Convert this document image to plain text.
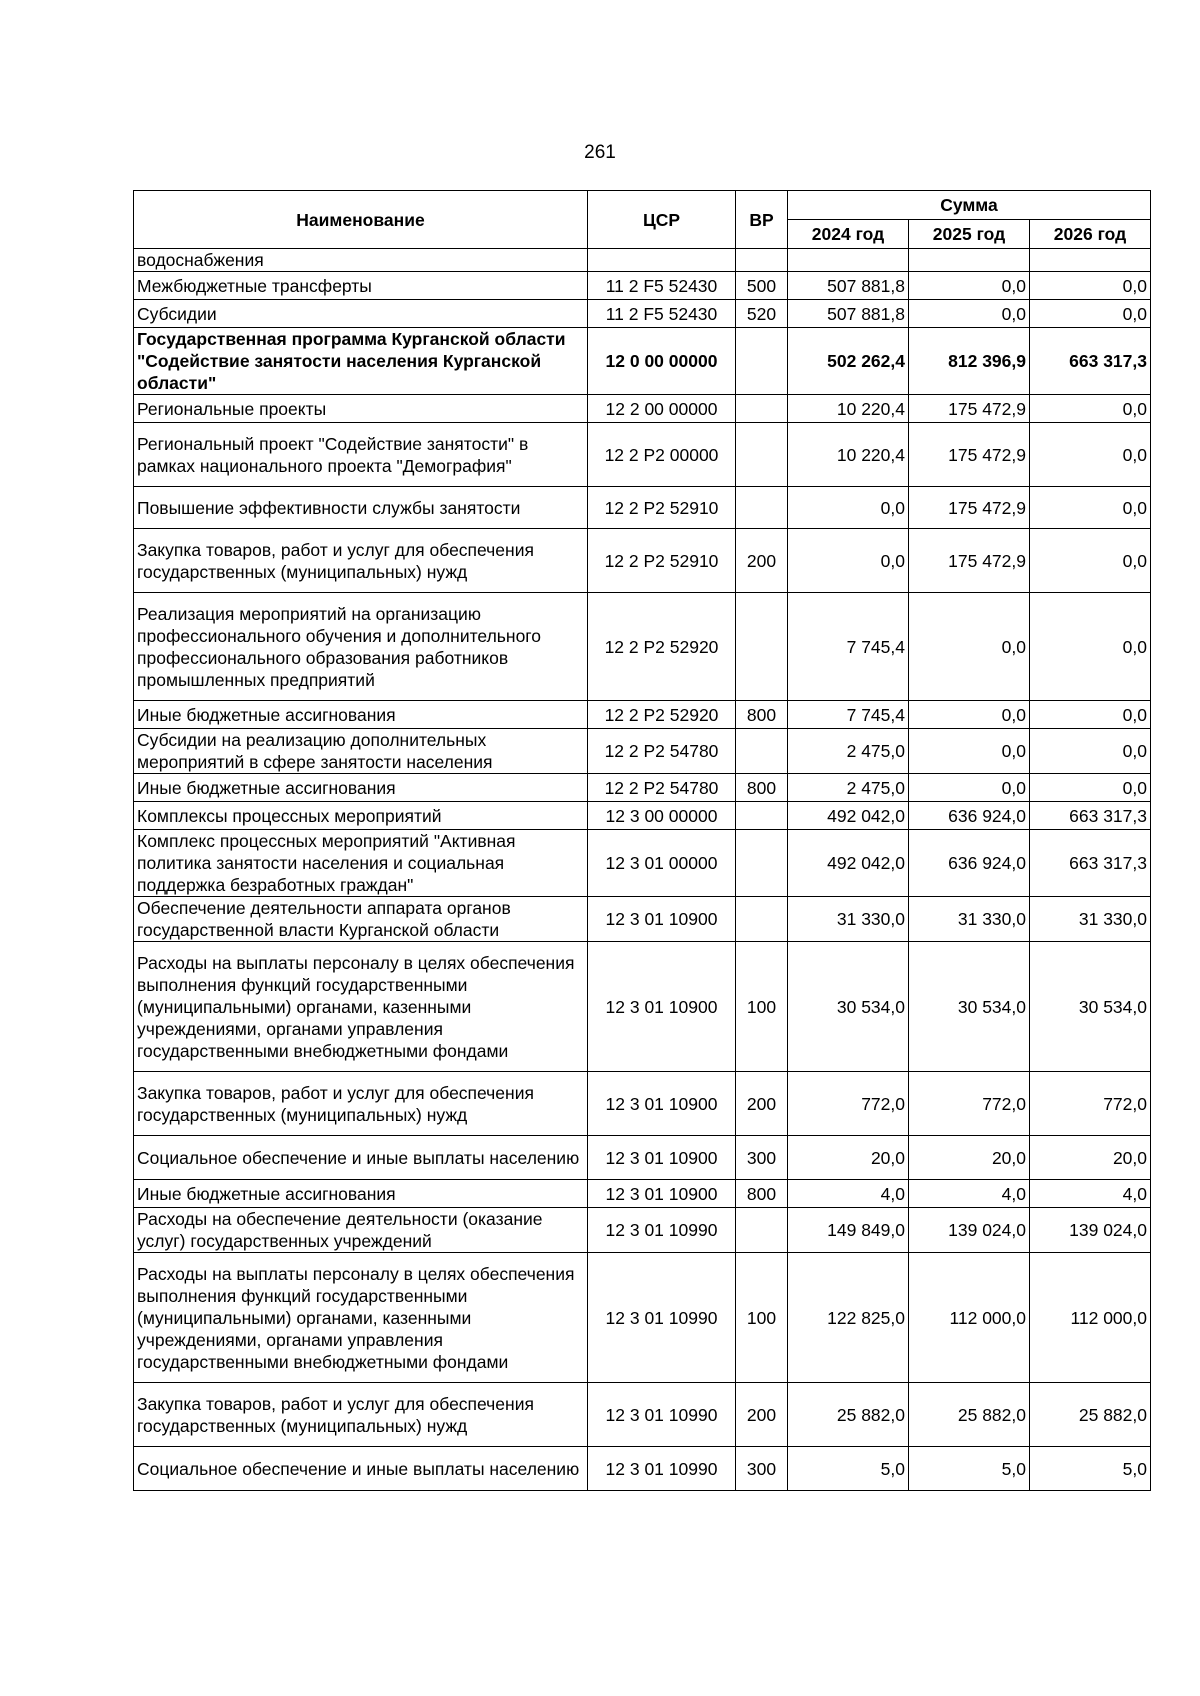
261
Наименование	ЦСР	ВР	Сумма		
			2024 год	2025 год	2026 год
водоснабжения					
Межбюджетные трансферты	11 2 F5 52430	500	507 881,8	0,0	0,0
Субсидии	11 2 F5 52430	520	507 881,8	0,0	0,0
Государственная программа Курганской области "Содействие занятости населения Курганской области"	12 0 00 00000		502 262,4	812 396,9	663 317,3
Региональные проекты	12 2 00 00000		10 220,4	175 472,9	0,0
Региональный проект "Содействие занятости" в рамках национального проекта "Демография"	12 2 P2 00000		10 220,4	175 472,9	0,0
Повышение эффективности службы занятости	12 2 P2 52910		0,0	175 472,9	0,0
Закупка товаров, работ и услуг для обеспечения государственных (муниципальных) нужд	12 2 P2 52910	200	0,0	175 472,9	0,0
Реализация мероприятий на организацию профессионального обучения и дополнительного профессионального образования работников промышленных предприятий	12 2 P2 52920		7 745,4	0,0	0,0
Иные бюджетные ассигнования	12 2 P2 52920	800	7 745,4	0,0	0,0
Субсидии на реализацию дополнительных мероприятий в сфере занятости населения	12 2 P2 54780		2 475,0	0,0	0,0
Иные бюджетные ассигнования	12 2 P2 54780	800	2 475,0	0,0	0,0
Комплексы процессных мероприятий	12 3 00 00000		492 042,0	636 924,0	663 317,3
Комплекс процессных мероприятий "Активная политика занятости населения и социальная поддержка безработных граждан"	12 3 01 00000		492 042,0	636 924,0	663 317,3
Обеспечение деятельности аппарата органов государственной власти Курганской области	12 3 01 10900		31 330,0	31 330,0	31 330,0
Расходы на выплаты персоналу в целях обеспечения выполнения функций государственными (муниципальными) органами, казенными учреждениями, органами управления государственными внебюджетными фондами	12 3 01 10900	100	30 534,0	30 534,0	30 534,0
Закупка товаров, работ и услуг для обеспечения государственных (муниципальных) нужд	12 3 01 10900	200	772,0	772,0	772,0
Социальное обеспечение и иные выплаты населению	12 3 01 10900	300	20,0	20,0	20,0
Иные бюджетные ассигнования	12 3 01 10900	800	4,0	4,0	4,0
Расходы на обеспечение деятельности (оказание услуг) государственных учреждений	12 3 01 10990		149 849,0	139 024,0	139 024,0
Расходы на выплаты персоналу в целях обеспечения выполнения функций государственными (муниципальными) органами, казенными учреждениями, органами управления государственными внебюджетными фондами	12 3 01 10990	100	122 825,0	112 000,0	112 000,0
Закупка товаров, работ и услуг для обеспечения государственных (муниципальных) нужд	12 3 01 10990	200	25 882,0	25 882,0	25 882,0
Социальное обеспечение и иные выплаты населению	12 3 01 10990	300	5,0	5,0	5,0
